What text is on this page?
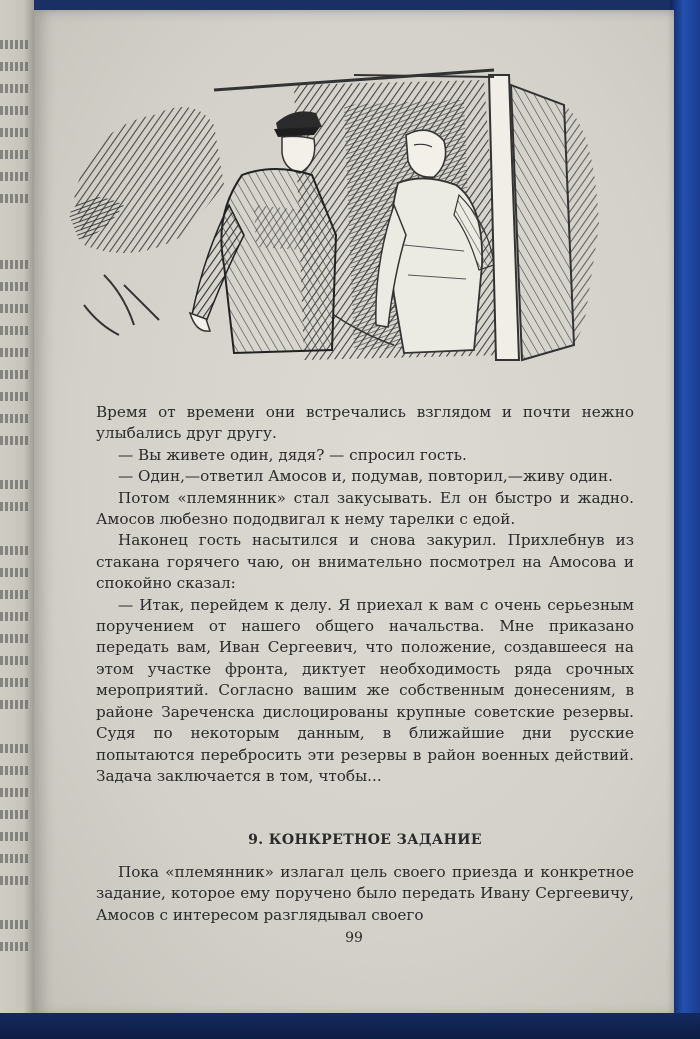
Время от времени они встречались взглядом и почти нежно улыбались друг другу.

— Вы живете один, дядя? — спросил гость.

— Один,—ответил Амосов и, подумав, повторил,—живу один.

Потом «племянник» стал закусывать. Ел он быстро и жадно. Амосов любезно пододвигал к нему тарелки с едой.

Наконец гость насытился и снова закурил. Прихлебнув из стакана горячего чаю, он внимательно посмотрел на Амосова и спокойно сказал:

— Итак, перейдем к делу. Я приехал к вам с очень серьезным поручением от нашего общего начальства. Мне приказано передать вам, Иван Сергеевич, что положение, создавшееся на этом участке фронта, диктует необходимость ряда срочных мероприятий. Согласно вашим же собственным донесениям, в районе Зареченска дислоцированы крупные советские резервы. Судя по некоторым данным, в ближайшие дни русские попытаются перебросить эти резервы в район военных действий. Задача заключается в том, чтобы...

9. КОНКРЕТНОЕ ЗАДАНИЕ

Пока «племянник» излагал цель своего приезда и конкретное задание, которое ему поручено было передать Ивану Сергеевичу, Амосов с интересом разглядывал своего

99
